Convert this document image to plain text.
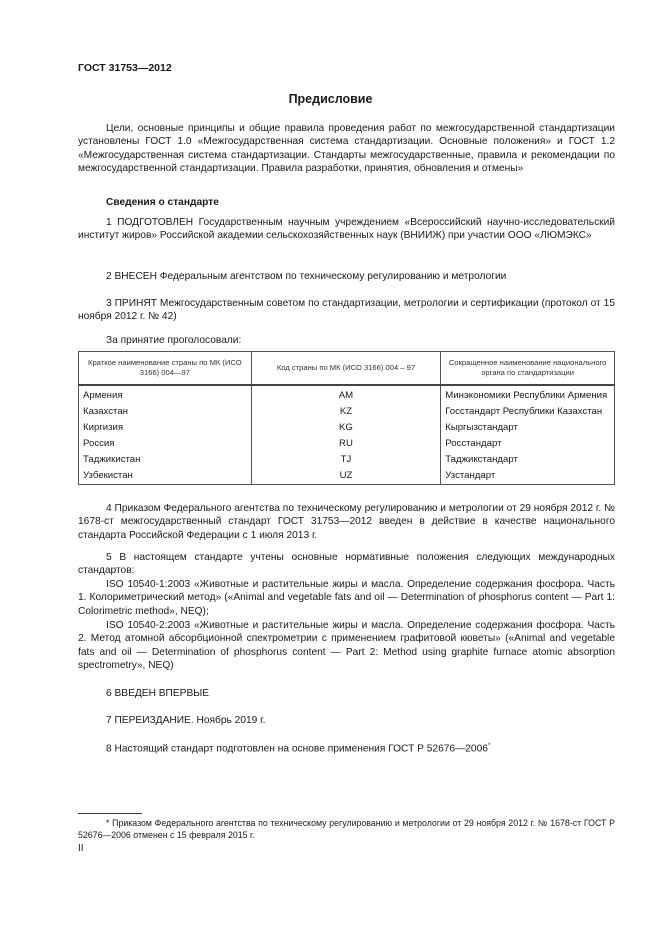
ГОСТ 31753—2012
Предисловие
Цели, основные принципы и общие правила проведения работ по межгосударственной стандартизации установлены ГОСТ 1.0 «Межгосударственная система стандартизации. Основные положения» и ГОСТ 1.2 «Межгосударственная система стандартизации. Стандарты межгосударственные, правила и рекомендации по межгосударственной стандартизации. Правила разработки, принятия, обновления и отмены»
Сведения о стандарте
1 ПОДГОТОВЛЕН Государственным научным учреждением «Всероссийский научно-исследовательский институт жиров» Российской академии сельскохозяйственных наук (ВНИИЖ) при участии ООО «ЛЮМЭКС»
2 ВНЕСЕН Федеральным агентством по техническому регулированию и метрологии
3 ПРИНЯТ Межгосударственным советом по стандартизации, метрологии и сертификации (протокол от 15 ноября 2012 г. № 42)
За принятие проголосовали:
Краткое наименование страны по МК (ИСО 3166) 004—97	Код страны по МК (ИСО 3166) 004 – 97	Сокращенное наименование национального органа по стандартизации
Армения	AM	Минэкономики Республики Армения
Казахстан	KZ	Госстандарт Республики Казахстан
Киргизия	KG	Кыргызстандарт
Россия	RU	Росстандарт
Таджикистан	TJ	Таджикстандарт
Узбекистан	UZ	Узстандарт
4 Приказом Федерального агентства по техническому регулированию и метрологии от 29 ноября 2012 г. № 1678-ст межгосударственный стандарт ГОСТ 31753—2012 введен в действие в качестве национального стандарта Российской Федерации с 1 июля 2013 г.
5 В настоящем стандарте учтены основные нормативные положения следующих международных стандартов:
ISO 10540-1:2003 «Животные и растительные жиры и масла. Определение содержания фосфора. Часть 1. Колориметрический метод» («Animal and vegetable fats and oil — Determination of phosphorus content — Part 1: Colorimetric method», NEQ);
ISO 10540-2:2003 «Животные и растительные жиры и масла. Определение содержания фосфора. Часть 2. Метод атомной абсорбционной спектрометрии с применением графитовой кюветы» («Animal and vegetable fats and oil — Determination of phosphorus content — Part 2: Method using graphite furnace atomic absorption spectrometry», NEQ)
6 ВВЕДЕН ВПЕРВЫЕ
7 ПЕРЕИЗДАНИЕ. Ноябрь 2019 г.
8 Настоящий стандарт подготовлен на основе применения ГОСТ Р 52676—2006*
* Приказом Федерального агентства по техническому регулированию и метрологии от 29 ноября 2012 г. № 1678-ст ГОСТ Р 52676—2006 отменен с 15 февраля 2015 г.
II
